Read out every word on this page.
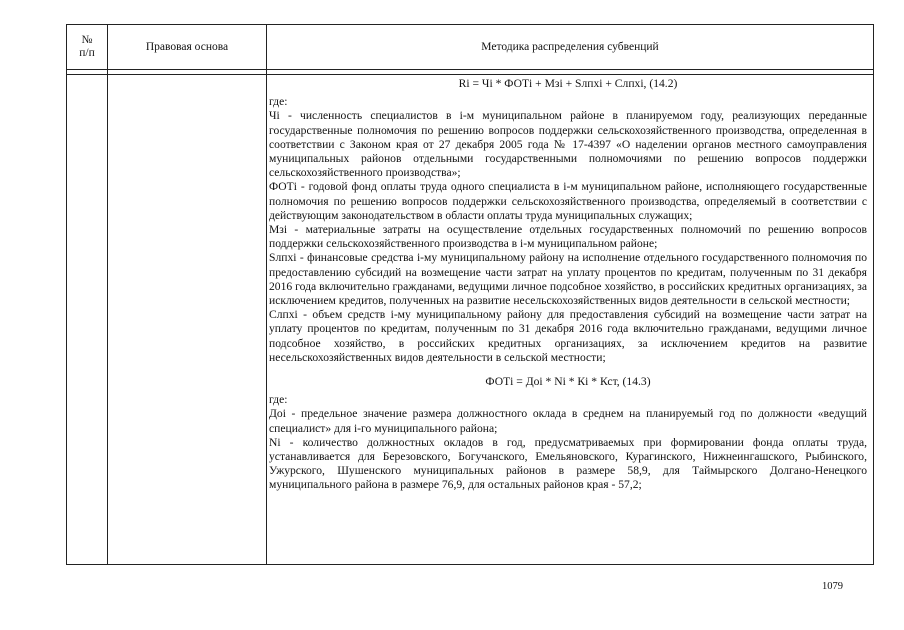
№
п/п
Правовая основа	Методика распределения субвенций

Ri = Чi * ФОТi + Мзi + Sлпхi + Слпхi, (14.2)

где:

Чi - численность специалистов в i-м муниципальном районе в планируемом году, реализующих переданные государственные полномочия по решению вопросов поддержки сельскохозяйственного производства, определенная в соответствии с Законом края от 27 декабря 2005 года № 17-4397 «О наделении органов местного самоуправления муниципальных районов отдельными государственными полномочиями по решению вопросов поддержки сельскохозяйственного производства»;

ФОТi - годовой фонд оплаты труда одного специалиста в i-м муниципальном районе, исполняющего государственные полномочия по решению вопросов поддержки сельскохозяйственного производства, определяемый в соответствии с действующим законодательством в области оплаты труда муниципальных служащих;

Мзi - материальные затраты на осуществление отдельных государственных полномочий по решению вопросов поддержки сельскохозяйственного производства в i-м муниципальном районе;

Sлпхi - финансовые средства i-му муниципальному району на исполнение отдельного государственного полномочия по предоставлению субсидий на возмещение части затрат на уплату процентов по кредитам, полученным по 31 декабря 2016 года включительно гражданами, ведущими личное подсобное хозяйство, в российских кредитных организациях, за исключением кредитов, полученных на развитие несельскохозяйственных видов деятельности в сельской местности;

Слпхi - объем средств i-му муниципальному району для предоставления субсидий на возмещение части затрат на уплату процентов по кредитам, полученным по 31 декабря 2016 года включительно гражданами, ведущими личное подсобное хозяйство, в российских кредитных организациях, за исключением кредитов на развитие несельскохозяйственных видов деятельности в сельской местности;

ФОТi = Доi * Ni * Кi * Кст, (14.3)

где:

Доi - предельное значение размера должностного оклада в среднем на планируемый год по должности «ведущий специалист» для i-го муниципального района;

Ni - количество должностных окладов в год, предусматриваемых при формировании фонда оплаты труда, устанавливается для Березовского, Богучанского, Емельяновского, Курагинского, Нижнеингашского, Рыбинского, Ужурского, Шушенского муниципальных районов в размере 58,9, для Таймырского Долгано-Ненецкого муниципального района в размере 76,9, для остальных районов края - 57,2;

1079
